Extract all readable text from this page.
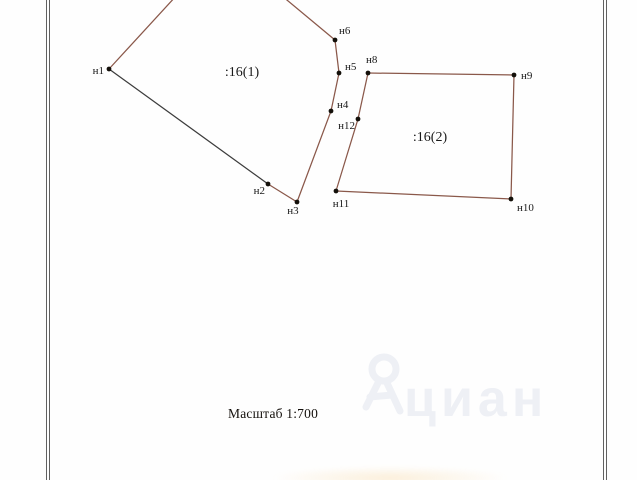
циан
:16(1)
:16(2)
н1
н2
н3
н4
н5
н6
н8
н9
н10
н11
н12
Масштаб 1:700
